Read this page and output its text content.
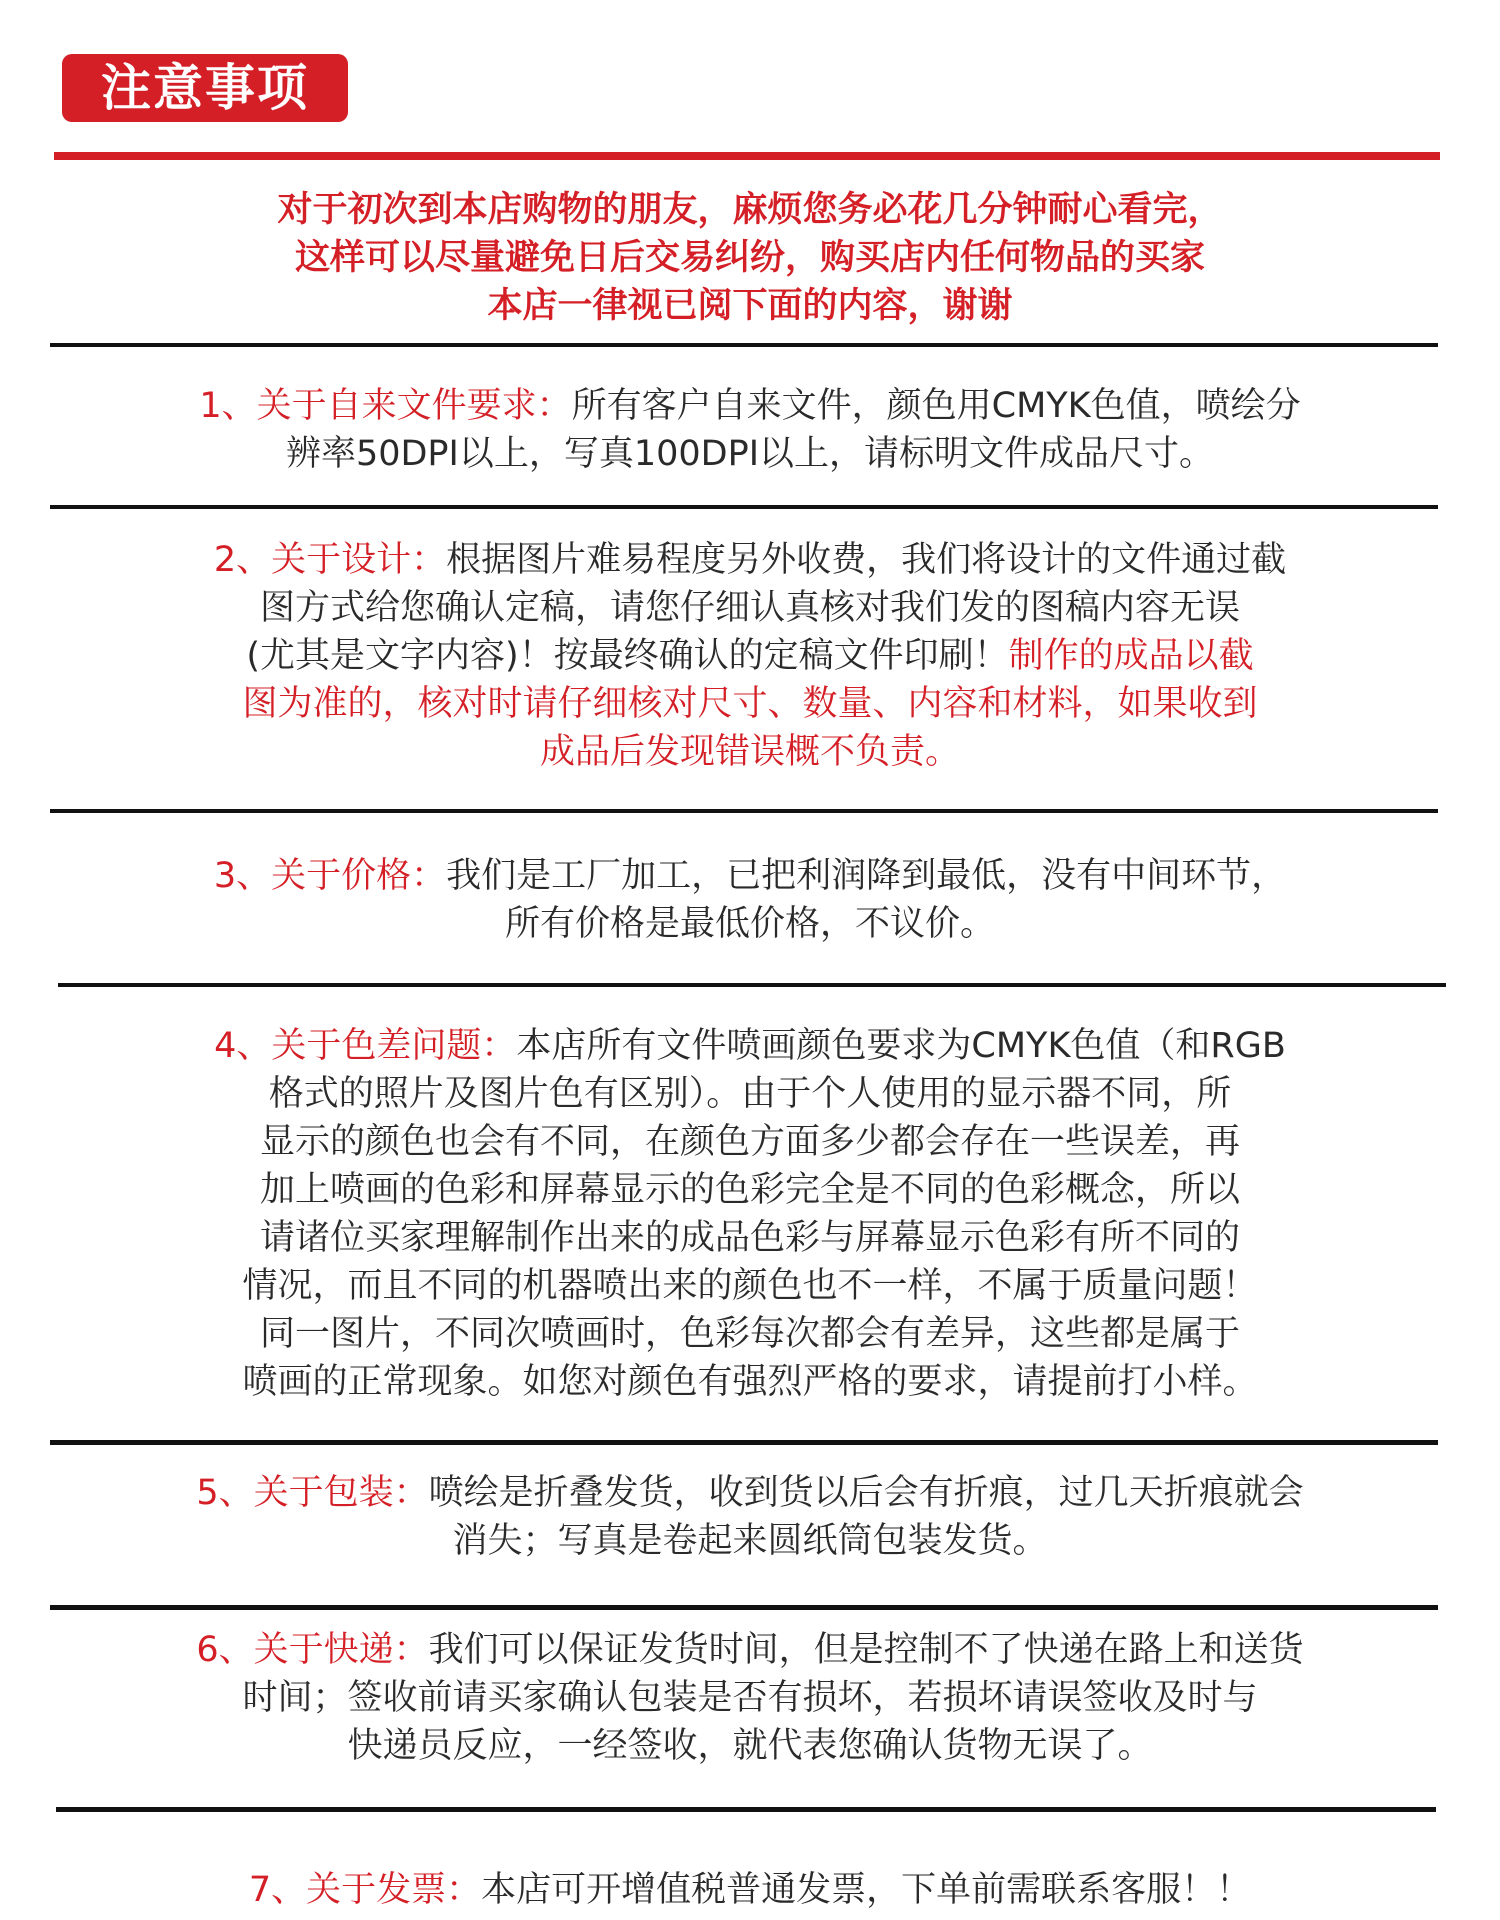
注意事项
对于初次到本店购物的朋友，麻烦您务必花几分钟耐心看完，
这样可以尽量避免日后交易纠纷，购买店内任何物品的买家
本店一律视已阅下面的内容，谢谢
1、关于自来文件要求：所有客户自来文件，颜色用CMYK色值，喷绘分
辨率50DPI以上，写真100DPI以上，请标明文件成品尺寸。
2、关于设计：根据图片难易程度另外收费，我们将设计的文件通过截
图方式给您确认定稿，请您仔细认真核对我们发的图稿内容无误
(尤其是文字内容)！按最终确认的定稿文件印刷！制作的成品以截
图为准的，核对时请仔细核对尺寸、数量、内容和材料，如果收到
成品后发现错误概不负责。
3、关于价格：我们是工厂加工，已把利润降到最低，没有中间环节，
所有价格是最低价格，不议价。
4、关于色差问题：本店所有文件喷画颜色要求为CMYK色值（和RGB
格式的照片及图片色有区别）。由于个人使用的显示器不同，所
显示的颜色也会有不同，在颜色方面多少都会存在一些误差，再
加上喷画的色彩和屏幕显示的色彩完全是不同的色彩概念，所以
请诸位买家理解制作出来的成品色彩与屏幕显示色彩有所不同的
情况，而且不同的机器喷出来的颜色也不一样，不属于质量问题！
同一图片，不同次喷画时，色彩每次都会有差异，这些都是属于
喷画的正常现象。如您对颜色有强烈严格的要求，请提前打小样。
5、关于包装：喷绘是折叠发货，收到货以后会有折痕，过几天折痕就会
消失；写真是卷起来圆纸筒包装发货。
6、关于快递：我们可以保证发货时间，但是控制不了快递在路上和送货
时间；签收前请买家确认包装是否有损坏，若损坏请误签收及时与
快递员反应，一经签收，就代表您确认货物无误了。
7、关于发票：本店可开增值税普通发票，下单前需联系客服！！
